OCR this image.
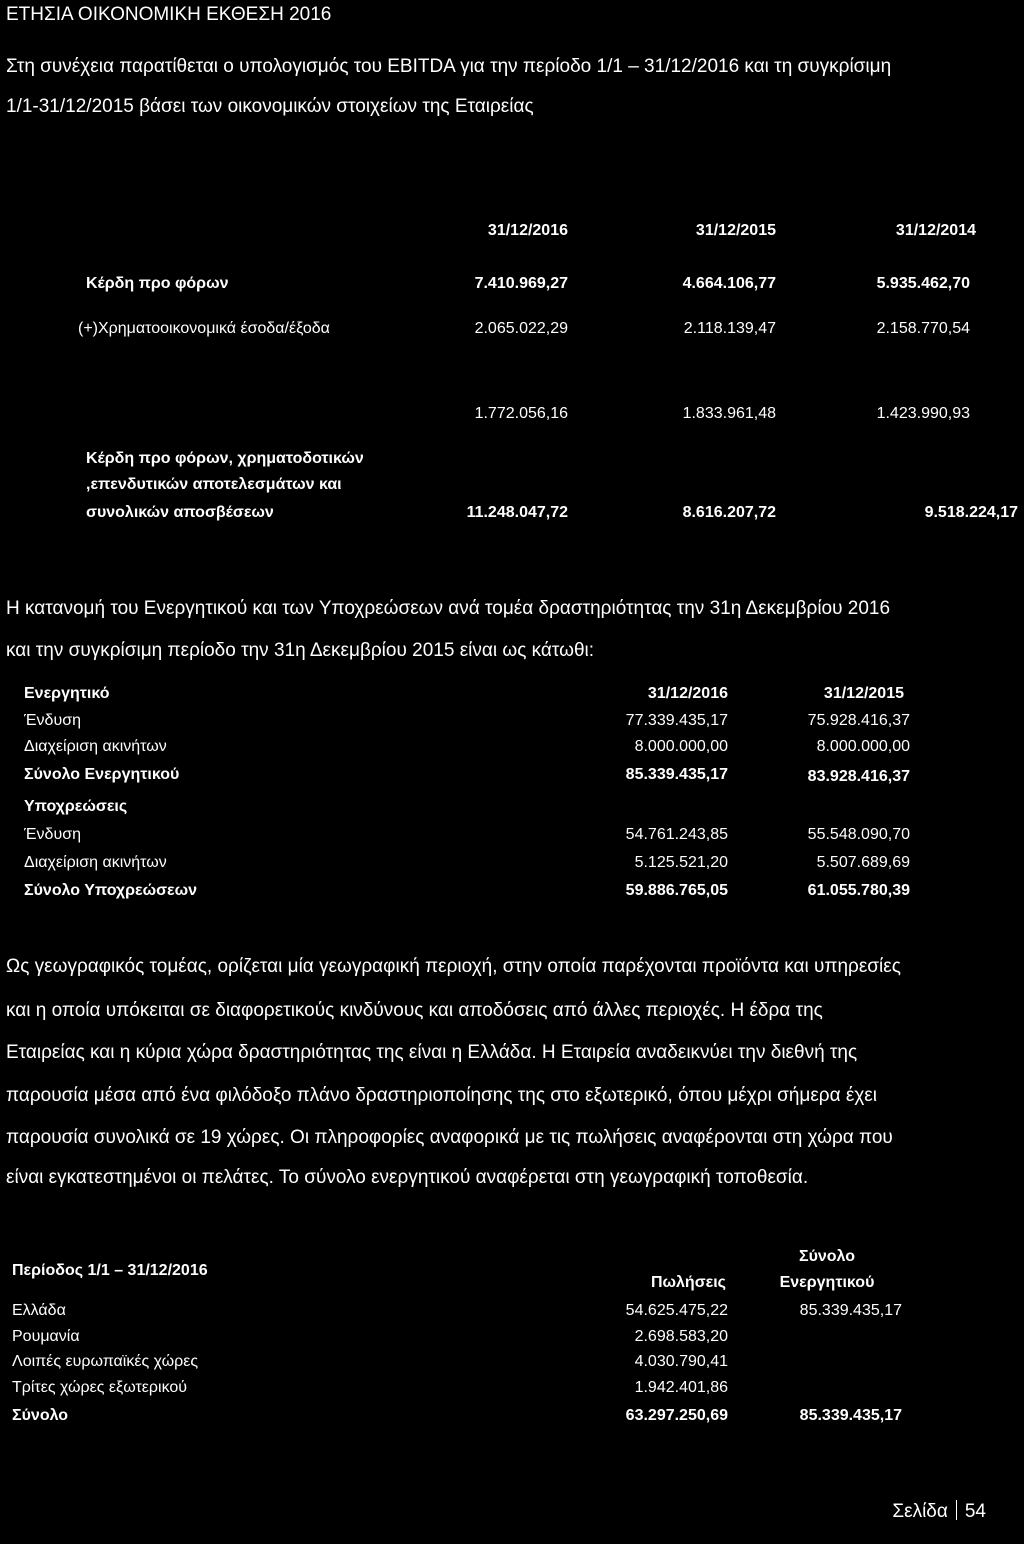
ΕΤΗΣΙΑ ΟΙΚΟΝΟΜΙΚΗ ΕΚΘΕΣΗ 2016
Στη συνέχεια παρατίθεται ο υπολογισμός του EBITDA για την περίοδο 1/1 – 31/12/2016 και τη συγκρίσιμη
1/1-31/12/2015 βάσει των οικονομικών στοιχείων της Εταιρείας
31/12/2016	31/12/2015	31/12/2014
Κέρδη προ φόρων	7.410.969,27	4.664.106,77	5.935.462,70
(+)Χρηματοοικονομικά έσοδα/έξοδα	2.065.022,29	2.118.139,47	2.158.770,54
1.772.056,16	1.833.961,48	1.423.990,93
Κέρδη προ φόρων, χρηματοδοτικών
,επενδυτικών αποτελεσμάτων και
συνολικών αποσβέσεων	11.248.047,72	8.616.207,72	9.518.224,17
Η κατανομή του Ενεργητικού και των Υποχρεώσεων ανά τομέα δραστηριότητας την 31η Δεκεμβρίου 2016
και την συγκρίσιμη περίοδο την 31η Δεκεμβρίου 2015 είναι ως κάτωθι:
Ενεργητικό	31/12/2016	31/12/2015
Ένδυση	77.339.435,17	75.928.416,37
Διαχείριση ακινήτων	8.000.000,00	8.000.000,00
Σύνολο Ενεργητικού	85.339.435,17	83.928.416,37
Υποχρεώσεις
Ένδυση	54.761.243,85	55.548.090,70
Διαχείριση ακινήτων	5.125.521,20	5.507.689,69
Σύνολο Υποχρεώσεων	59.886.765,05	61.055.780,39
Ως γεωγραφικός τομέας, ορίζεται μία γεωγραφική περιοχή, στην οποία παρέχονται προϊόντα και υπηρεσίες
και η οποία υπόκειται σε διαφορετικούς κινδύνους και αποδόσεις από άλλες περιοχές. Η έδρα της
Εταιρείας και η κύρια χώρα δραστηριότητας της είναι η Ελλάδα. Η Εταιρεία αναδεικνύει την διεθνή της
παρουσία μέσα από ένα φιλόδοξο πλάνο δραστηριοποίησης της στο εξωτερικό, όπου μέχρι σήμερα έχει
παρουσία συνολικά σε 19 χώρες. Οι πληροφορίες αναφορικά με τις πωλήσεις αναφέρονται στη χώρα που
είναι εγκατεστημένοι οι πελάτες. Το σύνολο ενεργητικού αναφέρεται στη γεωγραφική τοποθεσία.
Περίοδος 1/1 – 31/12/2016
Πωλήσεις
Σύνολο
Ενεργητικού
Ελλάδα	54.625.475,22	85.339.435,17
Ρουμανία	2.698.583,20
Λοιπές ευρωπαϊκές χώρες	4.030.790,41
Τρίτες χώρες εξωτερικού	1.942.401,86
Σύνολο	63.297.250,69	85.339.435,17
Σελίδα 54
